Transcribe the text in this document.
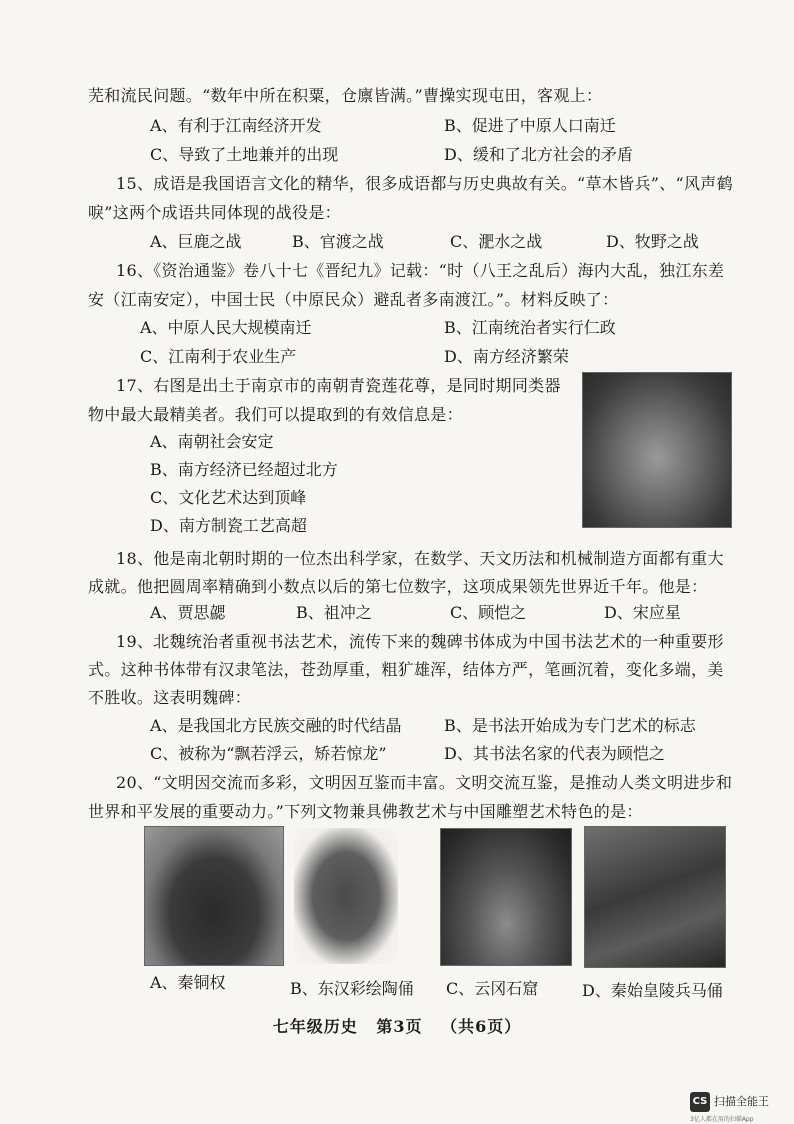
芜和流民问题。“数年中所在积粟，仓廪皆满。”曹操实现屯田，客观上：
A、有利于江南经济开发	B、促进了中原人口南迁
C、导致了土地兼并的出现	D、缓和了北方社会的矛盾
15、成语是我国语言文化的精华，很多成语都与历史典故有关。“草木皆兵”、“风声鹤
唳”这两个成语共同体现的战役是：
A、巨鹿之战	B、官渡之战	C、淝水之战	D、牧野之战
16、《资治通鉴》卷八十七《晋纪九》记载：“时（八王之乱后）海内大乱，独江东差
安（江南安定），中国士民（中原民众）避乱者多南渡江。”。材料反映了：
A、中原人民大规模南迁	B、江南统治者实行仁政
C、江南利于农业生产	D、南方经济繁荣
17、右图是出土于南京市的南朝青瓷莲花尊，是同时期同类器
物中最大最精美者。我们可以提取到的有效信息是：
A、南朝社会安定
B、南方经济已经超过北方
C、文化艺术达到顶峰
D、南方制瓷工艺高超
18、他是南北朝时期的一位杰出科学家，在数学、天文历法和机械制造方面都有重大
成就。他把圆周率精确到小数点以后的第七位数字，这项成果领先世界近千年。他是：
A、贾思勰	B、祖冲之	C、顾恺之	D、宋应星
19、北魏统治者重视书法艺术，流传下来的魏碑书体成为中国书法艺术的一种重要形
式。这种书体带有汉隶笔法，苍劲厚重，粗犷雄浑，结体方严，笔画沉着，变化多端，美
不胜收。这表明魏碑：
A、是我国北方民族交融的时代结晶	B、是书法开始成为专门艺术的标志
C、被称为“飘若浮云，矫若惊龙”	D、其书法名家的代表为顾恺之
20、“文明因交流而多彩，文明因互鉴而丰富。文明交流互鉴，是推动人类文明进步和
世界和平发展的重要动力。”下列文物兼具佛教艺术与中国雕塑艺术特色的是：
A、秦铜权	B、东汉彩绘陶俑 C、云冈石窟	D、秦始皇陵兵马俑
七年级历史 第3页 （共6页）
CS 扫描全能王
3亿人都在用的扫描App
